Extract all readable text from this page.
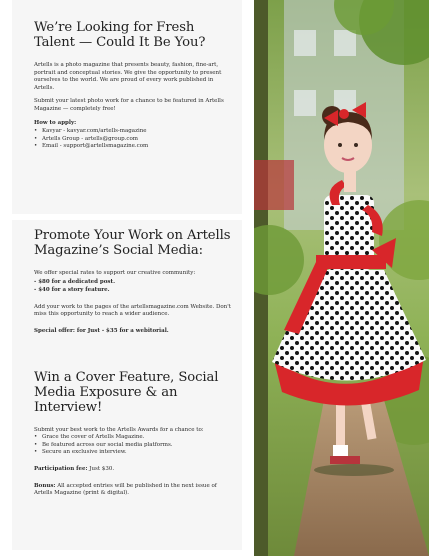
We’re Looking for Fresh Talent — Could It Be You?

Artells is a photo magazine that presents beauty, fashion, fine-art, portrait and conceptual stories. We give the opportunity to present ourselves to the world. We are proud of every work published in Artells.

Submit your latest photo work for a chance to be featured in Artells Magazine — completely free!

How to apply:

• Kavyar - kavyar.com/artells-magazine
• Artells Group - artells@group.com
• Email - support@artellsmagazine.com
Promote Your Work on Artells Magazine’s Social Media:

We offer special rates to support our creative community:

- $80 for a dedicated post.

- $40 for a story feature.

Add your work to the pages of the artellsmagazine.com Website. Don't miss this opportunity to reach a wider audience.

Special offer: for Just - $35 for a webitorial.

Win a Cover Feature, Social Media Exposure & an Interview!

Submit your best work to the Artells Awards for a chance to:

• Grace the cover of Artells Magazine.
• Be featured across our social media platforms.
• Secure an exclusive interview.

Participation fee: Just $30.

Bonus: All accepted entries will be published in the next issue of Artells Magazine (print & digital).
